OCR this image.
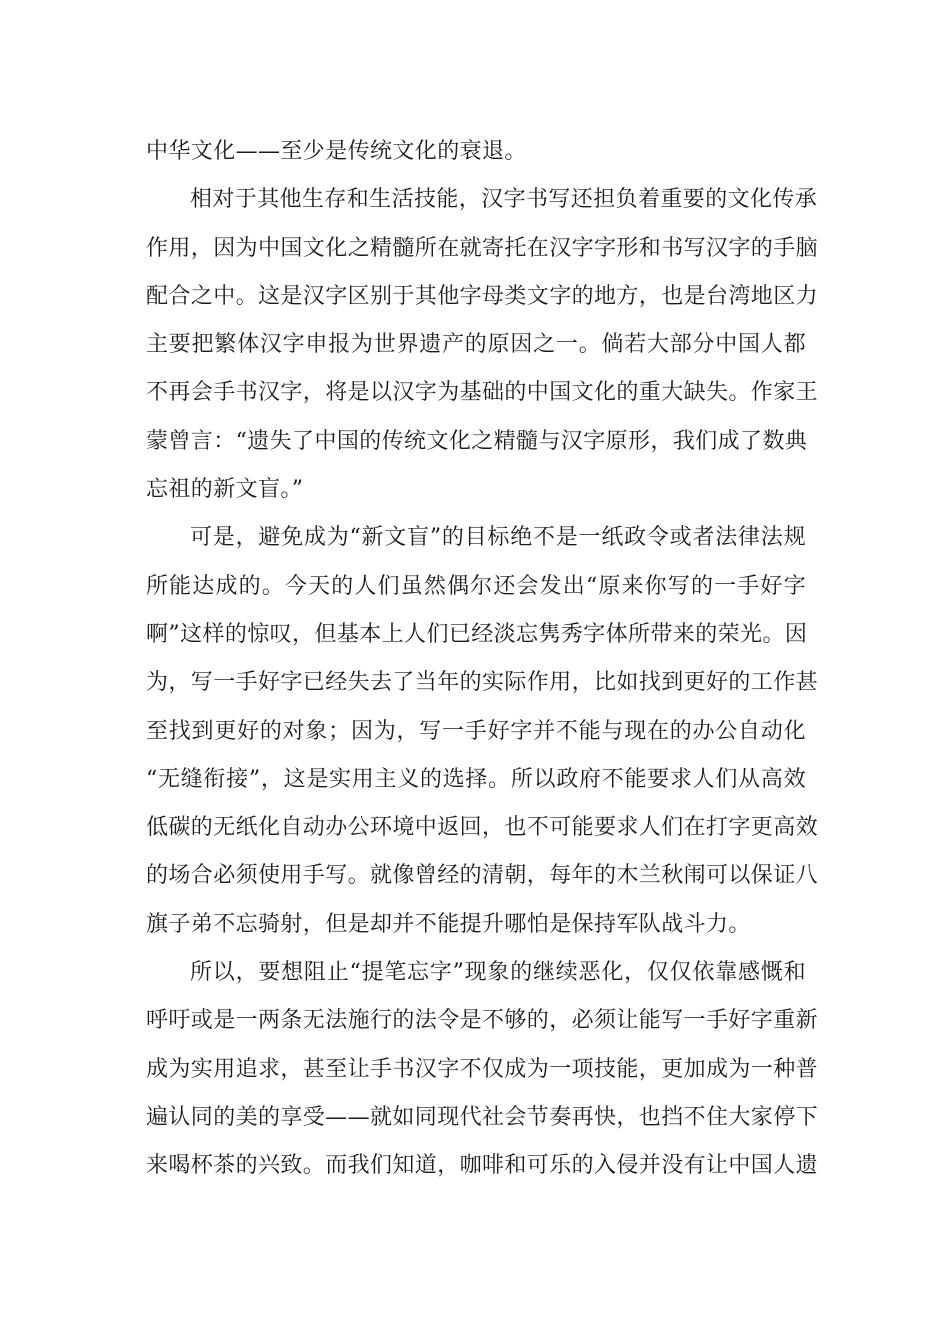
中华文化——至少是传统文化的衰退。
相对于其他生存和生活技能，汉字书写还担负着重要的文化传承
作用，因为中国文化之精髓所在就寄托在汉字字形和书写汉字的手脑
配合之中。这是汉字区别于其他字母类文字的地方，也是台湾地区力
主要把繁体汉字申报为世界遗产的原因之一。倘若大部分中国人都
不再会手书汉字，将是以汉字为基础的中国文化的重大缺失。作家王
蒙曾言：“遗失了中国的传统文化之精髓与汉字原形，我们成了数典
忘祖的新文盲。”
可是，避免成为“新文盲”的目标绝不是一纸政令或者法律法规
所能达成的。今天的人们虽然偶尔还会发出“原来你写的一手好字
啊”这样的惊叹，但基本上人们已经淡忘隽秀字体所带来的荣光。因
为，写一手好字已经失去了当年的实际作用，比如找到更好的工作甚
至找到更好的对象；因为，写一手好字并不能与现在的办公自动化
“无缝衔接”，这是实用主义的选择。所以政府不能要求人们从高效
低碳的无纸化自动办公环境中返回，也不可能要求人们在打字更高效
的场合必须使用手写。就像曾经的清朝，每年的木兰秋闱可以保证八
旗子弟不忘骑射，但是却并不能提升哪怕是保持军队战斗力。
所以，要想阻止“提笔忘字”现象的继续恶化，仅仅依靠感慨和
呼吁或是一两条无法施行的法令是不够的，必须让能写一手好字重新
成为实用追求，甚至让手书汉字不仅成为一项技能，更加成为一种普
遍认同的美的享受——就如同现代社会节奏再快，也挡不住大家停下
来喝杯茶的兴致。而我们知道，咖啡和可乐的入侵并没有让中国人遗
